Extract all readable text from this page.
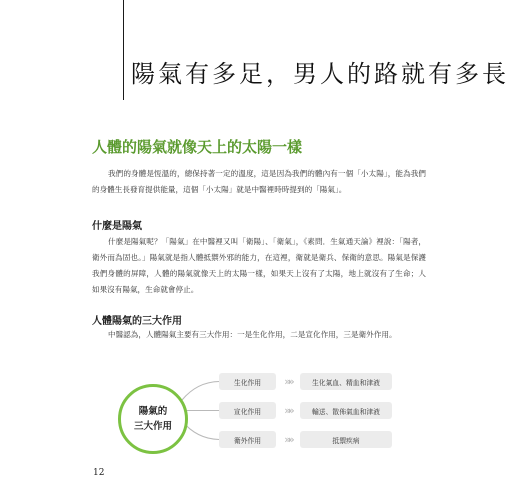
陽氣有多足，男人的路就有多長
人體的陽氣就像天上的太陽一樣

我們的身體是恆溫的，總保持著一定的溫度，這是因為我們的體內有一個「小太陽」，能為我們的身體生長發育提供能量，這個「小太陽」就是中醫裡時時提到的「陽氣」。

什麼是陽氣

什麼是陽氣呢？「陽氣」在中醫裡又叫「衛陽」、「衛氣」，《素問．生氣通天論》裡說：「陽者，衛外而為固也。」陽氣就是指人體抵禦外邪的能力，在這裡，衛就是衛兵、保衛的意思。陽氣是保護我們身體的屏障，人體的陽氣就像天上的太陽一樣，如果天上沒有了太陽，地上就沒有了生命；人如果沒有陽氣，生命就會停止。

人體陽氣的三大作用

中醫認為，人體陽氣主要有三大作用：一是生化作用，二是宣化作用，三是衛外作用。

陽氣的
三大作用
生化作用	»»	生化氣血、精血和津液
宣化作用	»»	輸送、散佈氣血和津液
衛外作用	»»	抵禦疾病
12
